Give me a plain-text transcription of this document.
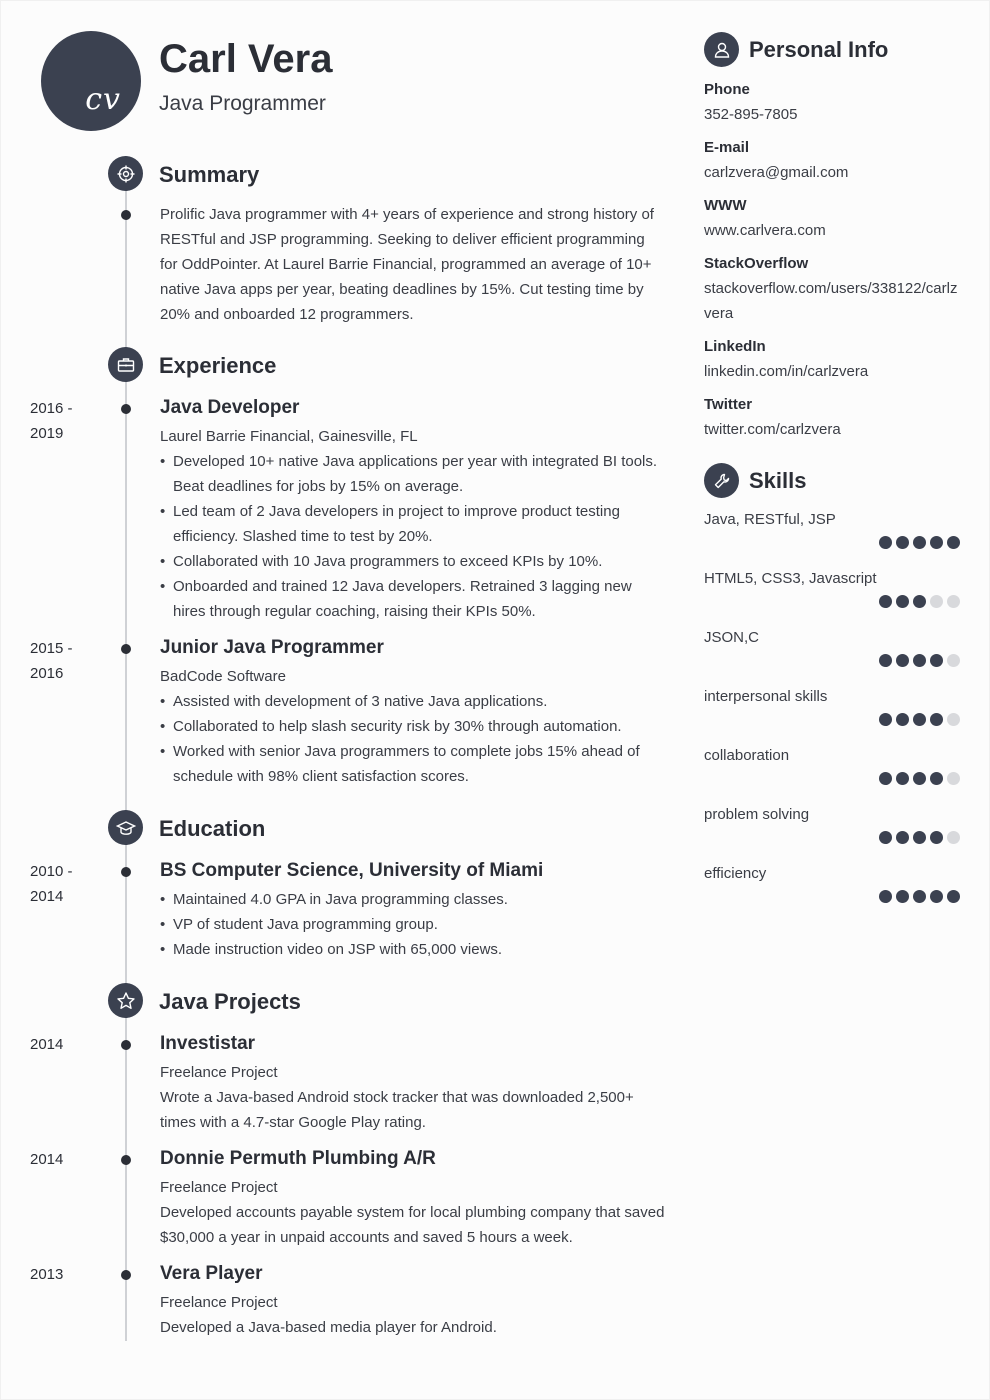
cv
Carl Vera
Java Programmer
Summary
Prolific Java programmer with 4+ years of experience and strong history of RESTful and JSP programming. Seeking to deliver efficient programming for OddPointer. At Laurel Barrie Financial, programmed an average of 10+ native Java apps per year, beating deadlines by 15%. Cut testing time by 20% and onboarded 12 programmers.
Experience
2016 - 2019
Java Developer
Laurel Barrie Financial, Gainesville, FL
• Developed 10+ native Java applications per year with integrated BI tools. Beat deadlines for jobs by 15% on average.
• Led team of 2 Java developers in project to improve product testing efficiency. Slashed time to test by 20%.
• Collaborated with 10 Java programmers to exceed KPIs by 10%.
• Onboarded and trained 12 Java developers. Retrained 3 lagging new hires through regular coaching, raising their KPIs 50%.
2015 - 2016
Junior Java Programmer
BadCode Software
• Assisted with development of 3 native Java applications.
• Collaborated to help slash security risk by 30% through automation.
• Worked with senior Java programmers to complete jobs 15% ahead of schedule with 98% client satisfaction scores.
Education
2010 - 2014
BS Computer Science, University of Miami
• Maintained 4.0 GPA in Java programming classes.
• VP of student Java programming group.
• Made instruction video on JSP with 65,000 views.
Java Projects
2014	Investistar
Freelance Project
Wrote a Java-based Android stock tracker that was downloaded 2,500+ times with a 4.7-star Google Play rating.
2014	Donnie Permuth Plumbing A/R
Freelance Project
Developed accounts payable system for local plumbing company that saved $30,000 a year in unpaid accounts and saved 5 hours a week.
2013	Vera Player
Freelance Project
Developed a Java-based media player for Android.
Personal Info
Phone
352-895-7805
E-mail
carlzvera@gmail.com
WWW
www.carlvera.com
StackOverflow
stackoverflow.com/users/338122/carlzvera
LinkedIn
linkedin.com/in/carlzvera
Twitter
twitter.com/carlzvera
Skills
Java, RESTful, JSP
HTML5, CSS3, Javascript
JSON,C
interpersonal skills
collaboration
problem solving
efficiency
